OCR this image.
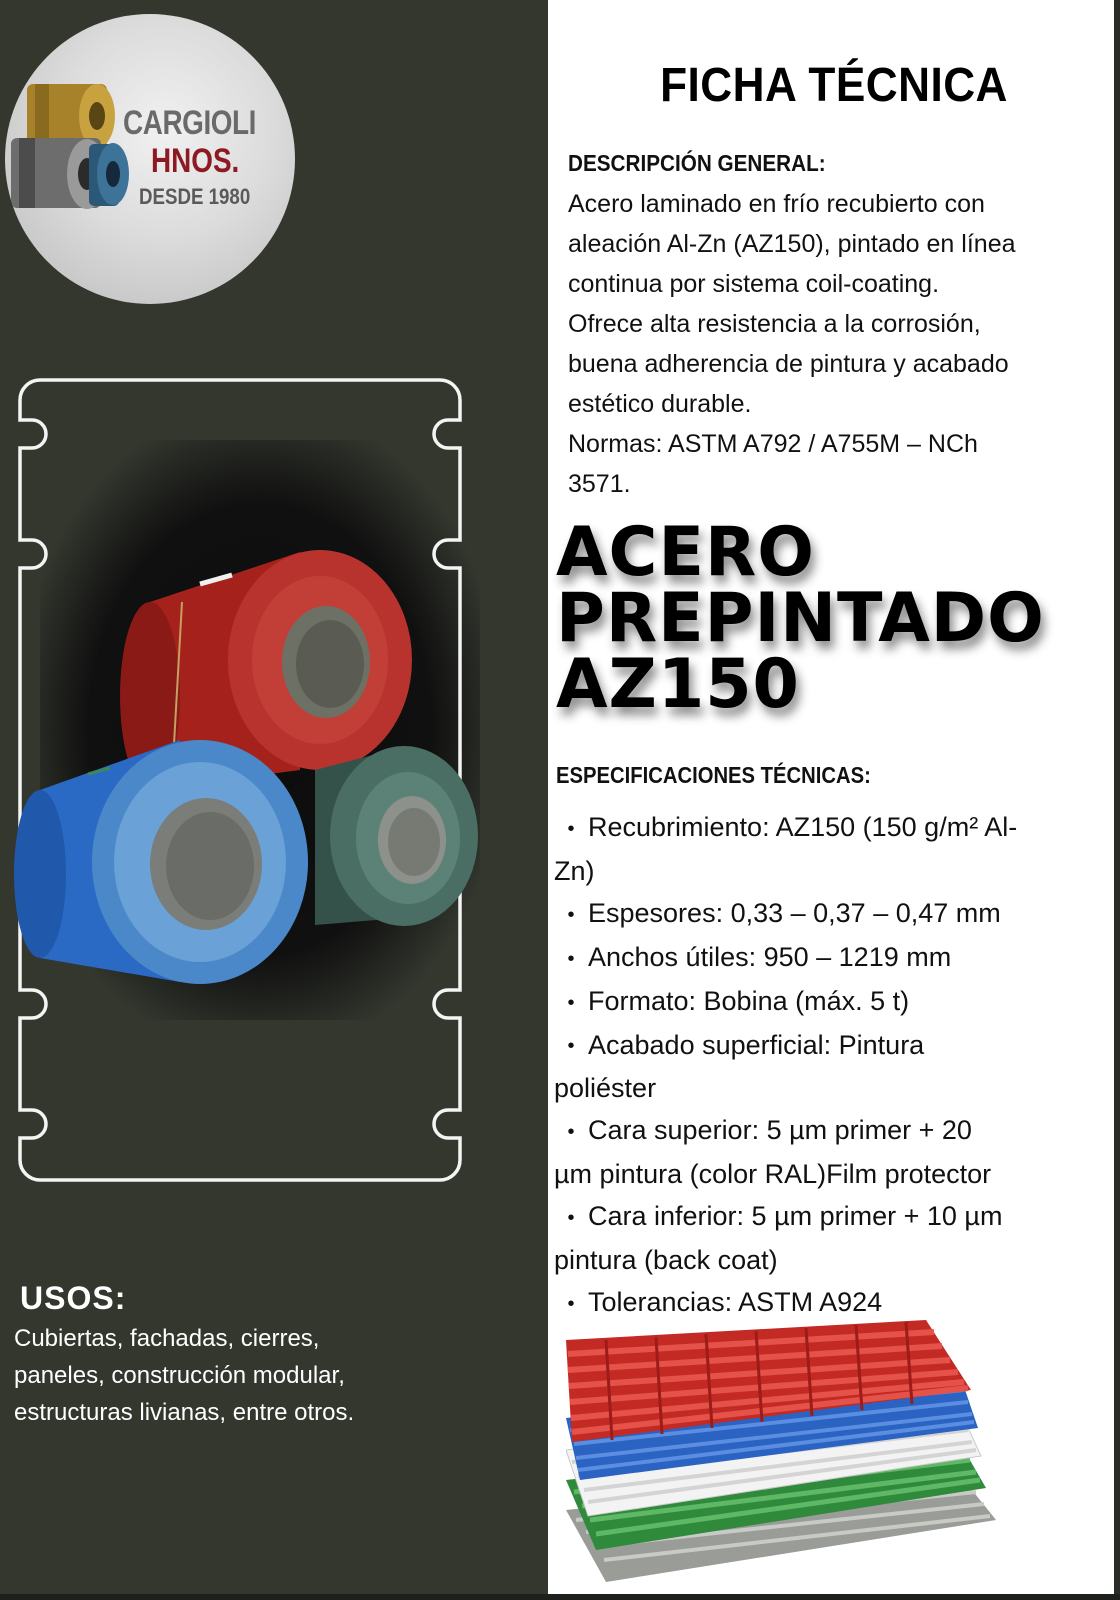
CARGIOLI
HNOS.
DESDE 1980
USOS:
Cubiertas, fachadas, cierres,
paneles, construcción modular,
estructuras livianas, entre otros.
FICHA TÉCNICA
DESCRIPCIÓN GENERAL:
Acero laminado en frío recubierto con
aleación Al-Zn (AZ150), pintado en línea
continua por sistema coil-coating.
Ofrece alta resistencia a la corrosión,
buena adherencia de pintura y acabado
estético durable.
Normas: ASTM A792 / A755M – NCh
3571.
ACERO
PREPINTADO
AZ150
ESPECIFICACIONES TÉCNICAS:
• Recubrimiento: AZ150 (150 g/m² Al-
Zn)
• Espesores: 0,33 – 0,37 – 0,47 mm
• Anchos útiles: 950 – 1219 mm
• Formato: Bobina (máx. 5 t)
• Acabado superficial: Pintura
poliéster
• Cara superior: 5 µm primer + 20
µm pintura (color RAL)Film protector
• Cara inferior: 5 µm primer + 10 µm
pintura (back coat)
• Tolerancias: ASTM A924
